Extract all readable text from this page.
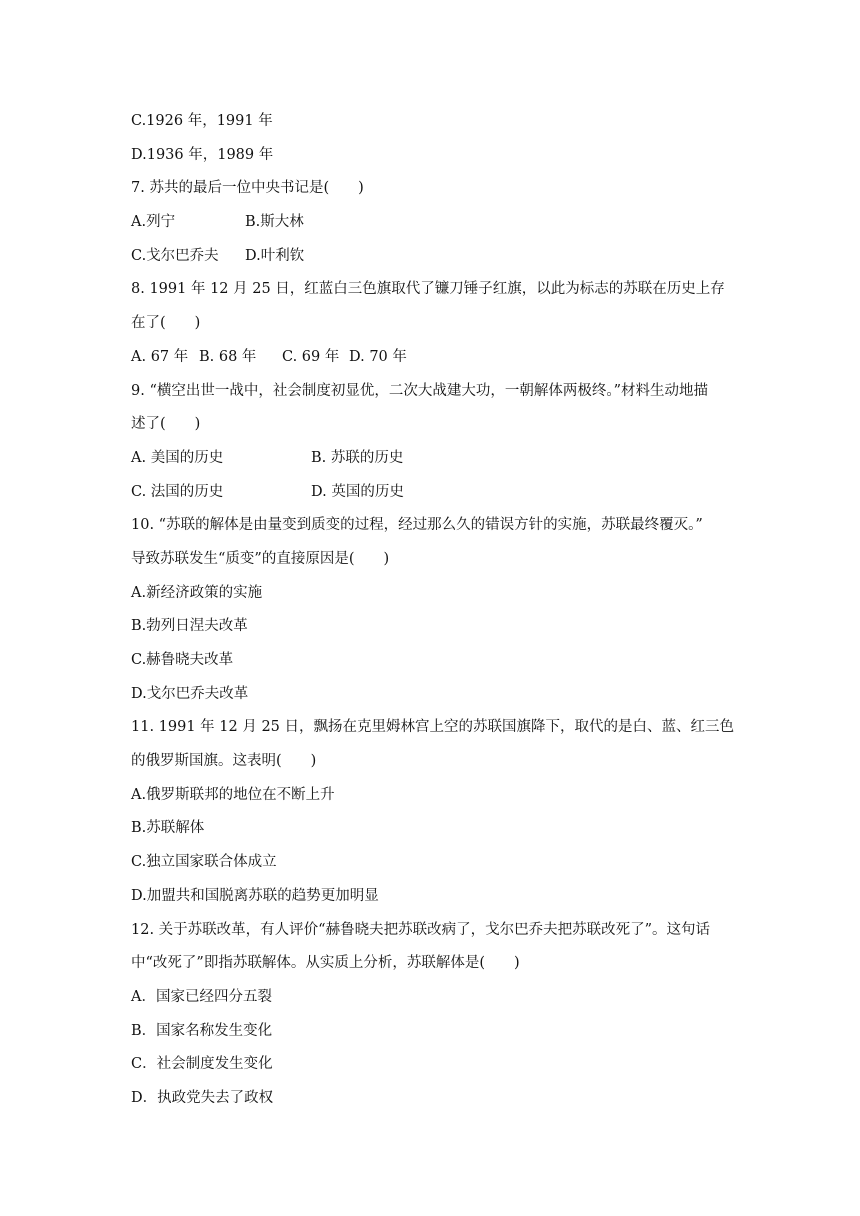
C.1926 年，1991 年
D.1936 年，1989 年
7. 苏共的最后一位中央书记是(　　)
A.列宁	B.斯大林
C.戈尔巴乔夫	D.叶利钦
8. 1991 年 12 月 25 日，红蓝白三色旗取代了镰刀锤子红旗，以此为标志的苏联在历史上存
在了(　　)
A. 67 年 B. 68 年	C. 69 年 D. 70 年
9. “横空出世一战中，社会制度初显优，二次大战建大功，一朝解体两极终。”材料生动地描
述了(　　)
A. 美国的历史	B. 苏联的历史
C. 法国的历史	D. 英国的历史
10. “苏联的解体是由量变到质变的过程，经过那么久的错误方针的实施，苏联最终覆灭。”
导致苏联发生“质变”的直接原因是(　　)
A.新经济政策的实施
B.勃列日涅夫改革
C.赫鲁晓夫改革
D.戈尔巴乔夫改革
11. 1991 年 12 月 25 日，飘扬在克里姆林宫上空的苏联国旗降下，取代的是白、蓝、红三色
的俄罗斯国旗。这表明(　　)
A.俄罗斯联邦的地位在不断上升
B.苏联解体
C.独立国家联合体成立
D.加盟共和国脱离苏联的趋势更加明显
12. 关于苏联改革，有人评价“赫鲁晓夫把苏联改病了，戈尔巴乔夫把苏联改死了”。这句话
中“改死了”即指苏联解体。从实质上分析，苏联解体是(　　)
A．国家已经四分五裂
B．国家名称发生变化
C．社会制度发生变化
D．执政党失去了政权
